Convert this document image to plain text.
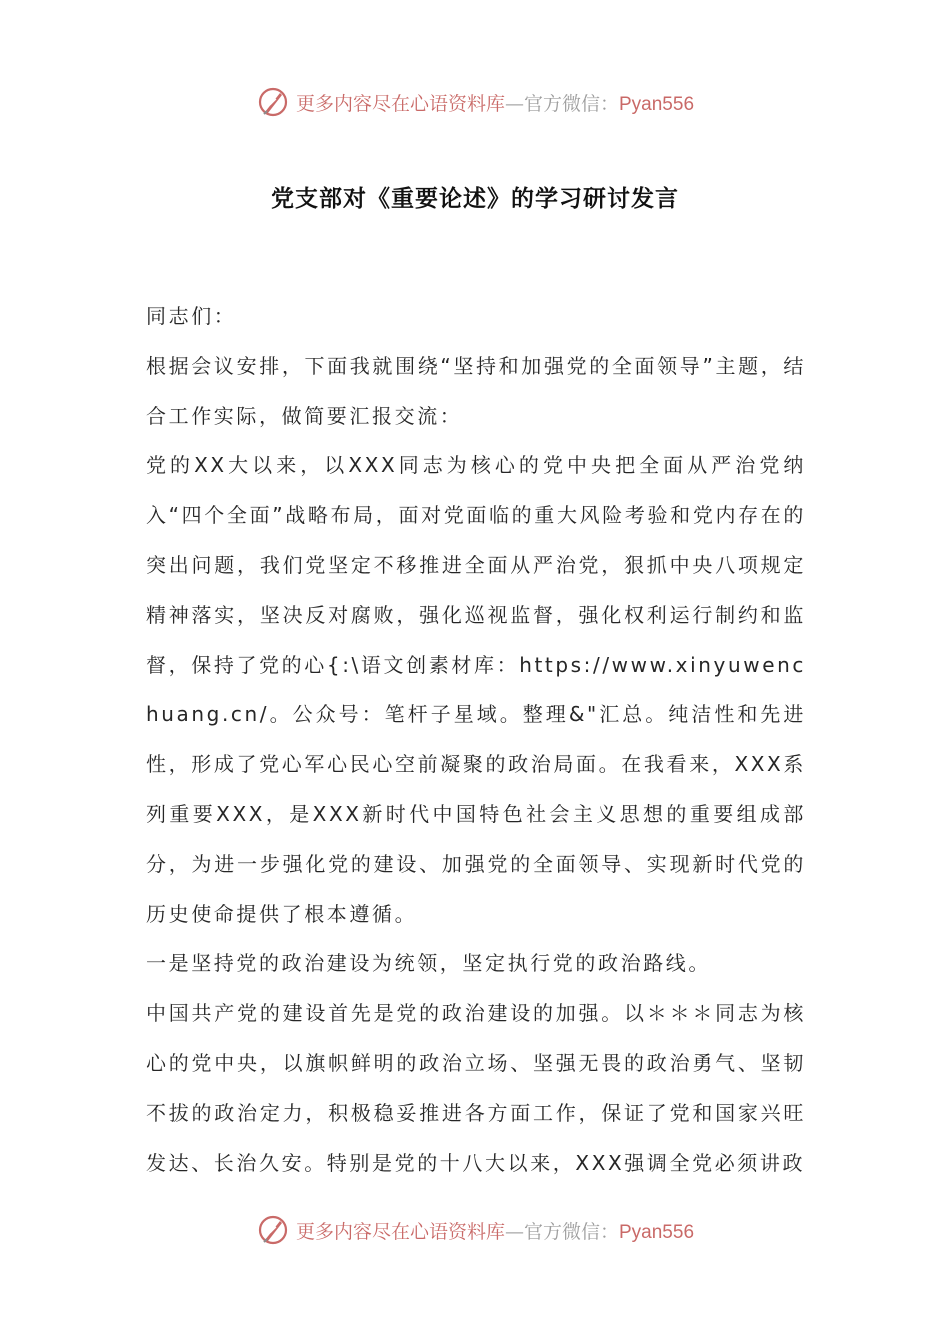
更多内容尽在心语资料库—官方微信：Pyan556
党支部对《重要论述》的学习研讨发言

同志们：

根据会议安排，下面我就围绕“坚持和加强党的全面领导”主题，结合工作实际，做简要汇报交流：

党的XX大以来，以XXX同志为核心的党中央把全面从严治党纳入“四个全面”战略布局，面对党面临的重大风险考验和党内存在的突出问题，我们党坚定不移推进全面从严治党，狠抓中央八项规定精神落实，坚决反对腐败，强化巡视监督，强化权利运行制约和监督，保持了党的心{:\语文创素材库：https://www.xinyuwenchuang.cn/。公众号：笔杆子星域。整理&"汇总。纯洁性和先进性，形成了党心军心民心空前凝聚的政治局面。在我看来，XXX系列重要XXX，是XXX新时代中国特色社会主义思想的重要组成部分，为进一步强化党的建设、加强党的全面领导、实现新时代党的历史使命提供了根本遵循。

一是坚持党的政治建设为统领，坚定执行党的政治路线。

中国共产党的建设首先是党的政治建设的加强。以＊＊＊同志为核心的党中央，以旗帜鲜明的政治立场、坚强无畏的政治勇气、坚韧不拔的政治定力，积极稳妥推进各方面工作，保证了党和国家兴旺发达、长治久安。特别是党的十八大以来，XXX强调全党必须讲政

更多内容尽在心语资料库—官方微信：Pyan556
